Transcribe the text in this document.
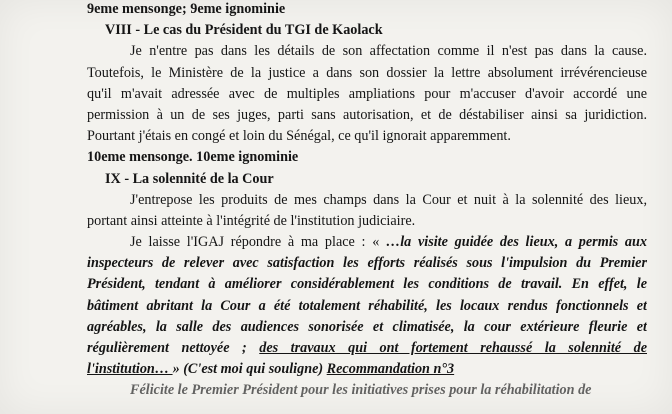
9eme mensonge; 9eme ignominie
VIII - Le cas du Président du TGI de Kaolack
Je n'entre pas dans les détails de son affectation comme il n'est pas dans la cause.
Toutefois, le Ministère de la justice a dans son dossier la lettre absolument irrévérencieuse
qu'il m'avait adressée avec de multiples ampliations pour m'accuser d'avoir accordé une
permission à un de ses juges, parti sans autorisation, et de déstabiliser ainsi sa juridiction.
Pourtant j'étais en congé et loin du Sénégal, ce qu'il ignorait apparemment.
10eme mensonge. 10eme ignominie
IX - La solennité de la Cour
J'entrepose les produits de mes champs dans la Cour et nuit à la solennité des lieux,
portant ainsi atteinte à l'intégrité de l'institution judiciaire.
Je laisse l'IGAJ répondre à ma place : « …la visite guidée des lieux, a permis aux
inspecteurs de relever avec satisfaction les efforts réalisés sous l'impulsion du Premier
Président, tendant à améliorer considérablement les conditions de travail. En effet, le
bâtiment abritant la Cour a été totalement réhabilité, les locaux rendus fonctionnels et
agréables, la salle des audiences sonorisée et climatisée, la cour extérieure fleurie et
régulièrement nettoyée ; des travaux qui ont fortement rehaussé la solennité de
l'institution… » (C'est moi qui souligne) Recommandation n°3
Félicite le Premier Président pour les initiatives prises pour la réhabilitation de
